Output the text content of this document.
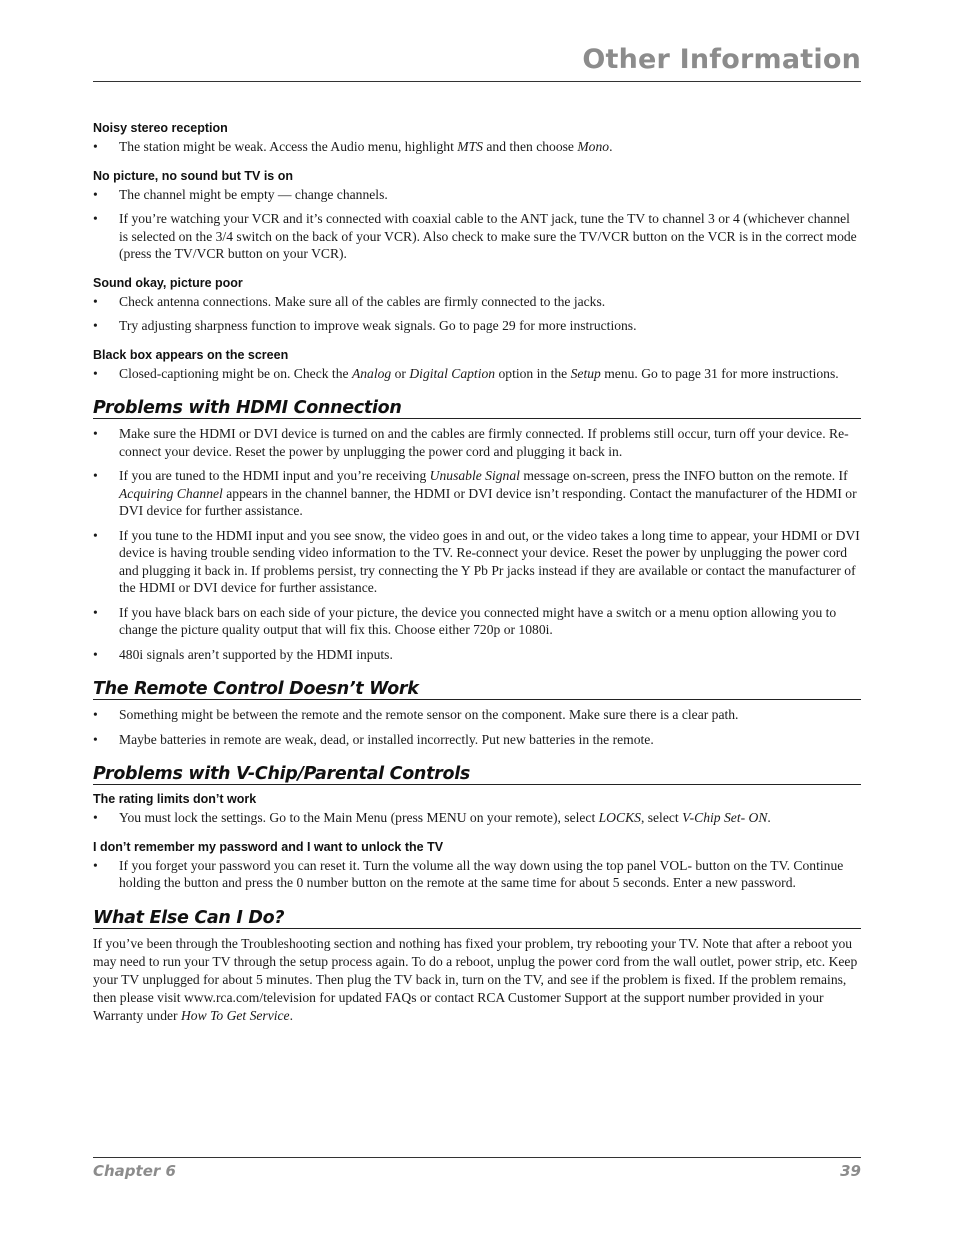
Other Information
Noisy stereo reception
• The station might be weak. Access the Audio menu, highlight MTS and then choose Mono.
No picture, no sound but TV is on
• The channel might be empty — change channels.
• If you’re watching your VCR and it’s connected with coaxial cable to the ANT jack, tune the TV to channel 3 or 4 (whichever channel is selected on the 3/4 switch on the back of your VCR). Also check to make sure the TV/VCR button on the VCR is in the correct mode (press the TV/VCR button on your VCR).
Sound okay, picture poor
• Check antenna connections. Make sure all of the cables are firmly connected to the jacks.
• Try adjusting sharpness function to improve weak signals. Go to page 29 for more instructions.
Black box appears on the screen
• Closed-captioning might be on. Check the Analog or Digital Caption option in the Setup menu. Go to page 31 for more instructions.
Problems with HDMI Connection
• Make sure the HDMI or DVI device is turned on and the cables are firmly connected. If problems still occur, turn off your device. Re-connect your device. Reset the power by unplugging the power cord and plugging it back in.
• If you are tuned to the HDMI input and you’re receiving Unusable Signal message on-screen, press the INFO button on the remote. If Acquiring Channel appears in the channel banner, the HDMI or DVI device isn’t responding. Contact the manufacturer of the HDMI or DVI device for further assistance.
• If you tune to the HDMI input and you see snow, the video goes in and out, or the video takes a long time to appear, your HDMI or DVI device is having trouble sending video information to the TV. Re-connect your device. Reset the power by unplugging the power cord and plugging it back in. If problems persist, try connecting the Y Pb Pr jacks instead if they are available or contact the manufacturer of the HDMI or DVI device for further assistance.
• If you have black bars on each side of your picture, the device you connected might have a switch or a menu option allowing you to change the picture quality output that will fix this. Choose either 720p or 1080i.
• 480i signals aren’t supported by the HDMI inputs.
The Remote Control Doesn’t Work
• Something might be between the remote and the remote sensor on the component. Make sure there is a clear path.
• Maybe batteries in remote are weak, dead, or installed incorrectly. Put new batteries in the remote.
Problems with V-Chip/Parental Controls
The rating limits don’t work
• You must lock the settings. Go to the Main Menu (press MENU on your remote), select LOCKS, select V-Chip Set- ON.
I don’t remember my password and I want to unlock the TV
• If you forget your password you can reset it. Turn the volume all the way down using the top panel VOL- button on the TV. Continue holding the button and press the 0 number button on the remote at the same time for about 5 seconds. Enter a new password.
What Else Can I Do?

If you’ve been through the Troubleshooting section and nothing has fixed your problem, try rebooting your TV. Note that after a reboot you may need to run your TV through the setup process again. To do a reboot, unplug the power cord from the wall outlet, power strip, etc. Keep your TV unplugged for about 5 minutes. Then plug the TV back in, turn on the TV, and see if the problem is fixed. If the problem remains, then please visit www.rca.com/television for updated FAQs or contact RCA Customer Support at the support number provided in your Warranty under How To Get Service.

Chapter 6	39
